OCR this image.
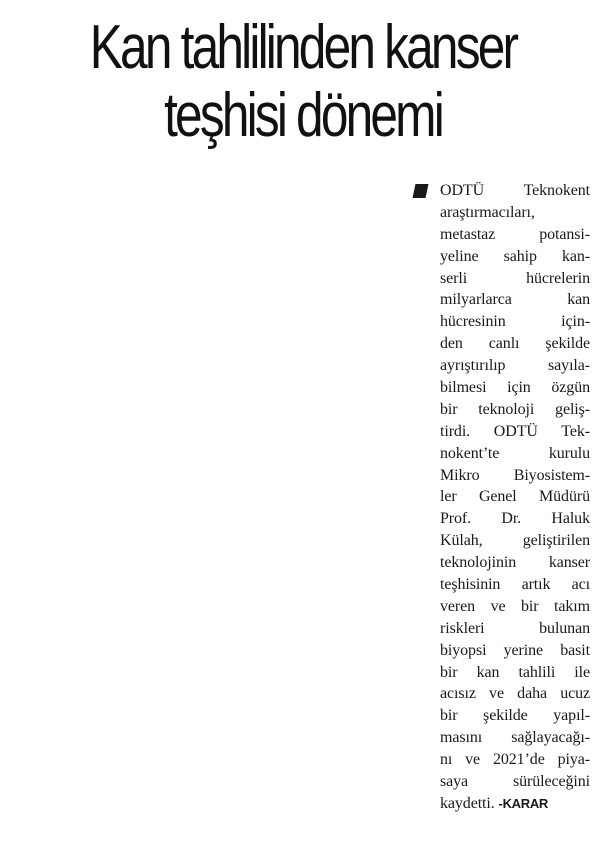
Kan tahlilinden kanser
teşhisi dönemi
ODTÜ Teknokent
araştırmacıları,
metastaz potansi-
yeline sahip kan-
serli hücrelerin
milyarlarca kan
hücresinin için-
den canlı şekilde
ayrıştırılıp sayıla-
bilmesi için özgün
bir teknoloji geliş-
tirdi. ODTÜ Tek-
nokent’te kurulu
Mikro Biyosistem-
ler Genel Müdürü
Prof. Dr. Haluk
Külah, geliştirilen
teknolojinin kanser
teşhisinin artık acı
veren ve bir takım
riskleri bulunan
biyopsi yerine basit
bir kan tahlili ile
acısız ve daha ucuz
bir şekilde yapıl-
masını sağlayacağı-
nı ve 2021’de piya-
saya sürüleceğini
kaydetti. -KARAR
